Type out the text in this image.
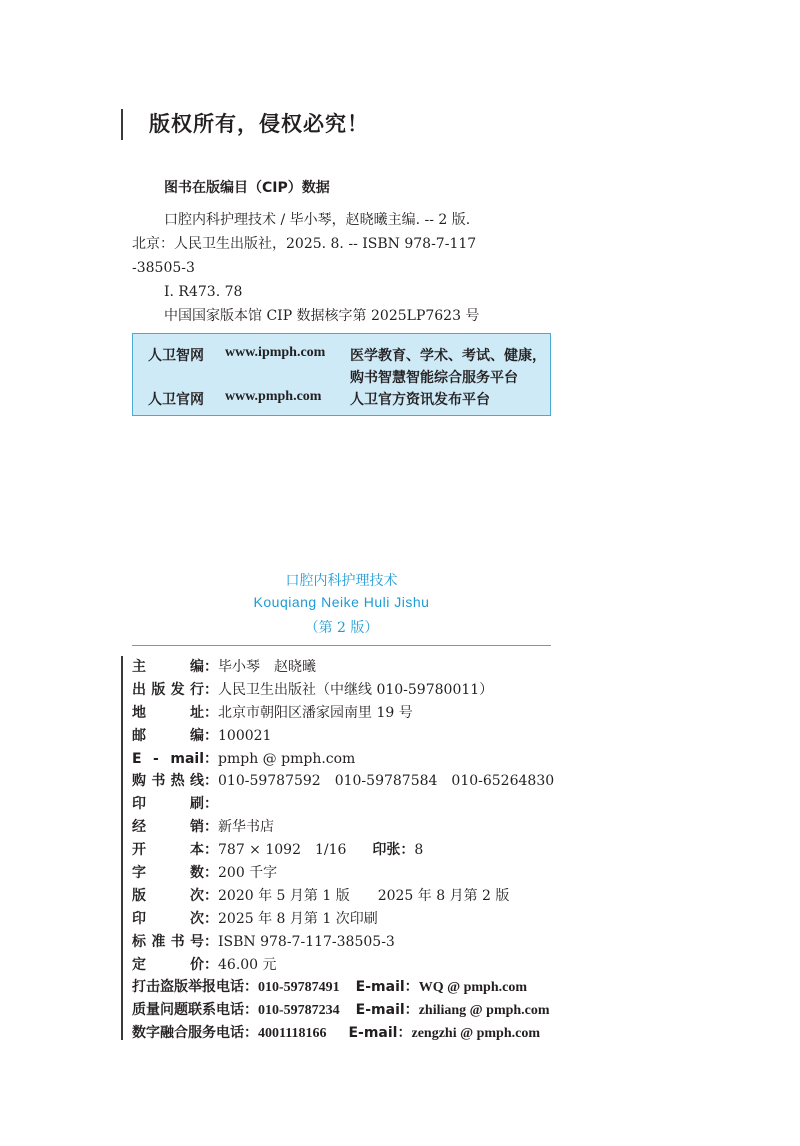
版权所有，侵权必究！
图书在版编目（CIP）数据
口腔内科护理技术 / 毕小琴，赵晓曦主编. -- 2 版.
北京：人民卫生出版社，2025. 8. -- ISBN 978-7-117
-38505-3
Ⅰ. R473. 78
中国国家版本馆 CIP 数据核字第 2025LP7623 号
人卫智网 www.ipmph.com 医学教育、学术、考试、健康，
购书智慧智能综合服务平台
人卫官网 www.pmph.com 人卫官方资讯发布平台
口腔内科护理技术
Kouqiang Neike Huli Jishu
（第 2 版）
主编：毕小琴　赵晓曦
出版发行：人民卫生出版社（中继线 010-59780011）
地址：北京市朝阳区潘家园南里 19 号
邮编：100021
E - mail：pmph @ pmph.com
购书热线：010-59787592　010-59787584　010-65264830
印刷：
经销：新华书店
开本：787 × 1092　1/16 印张：8
字数：200 千字
版次：2020 年 5 月第 1 版　　2025 年 8 月第 2 版
印次：2025 年 8 月第 1 次印刷
标准书号：ISBN 978-7-117-38505-3
定价：46.00 元
打击盗版举报电话：010-59787491 E-mail：WQ @ pmph.com
质量问题联系电话：010-59787234 E-mail：zhiliang @ pmph.com
数字融合服务电话：4001118166 E-mail：zengzhi @ pmph.com
